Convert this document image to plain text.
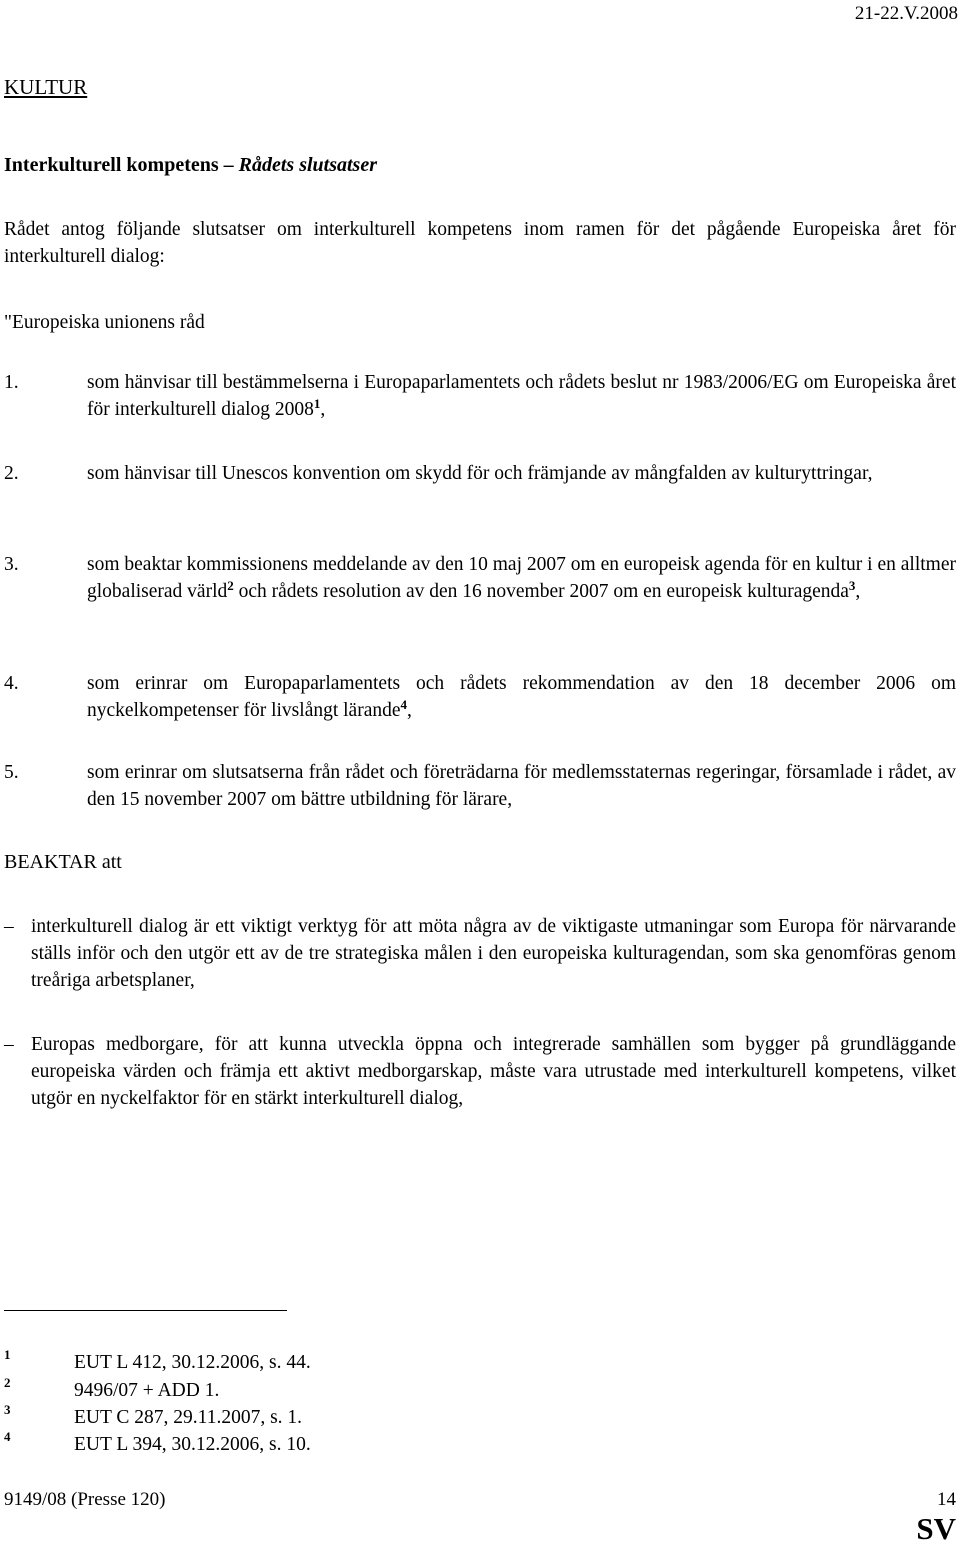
21-22.V.2008
KULTUR
Interkulturell kompetens – Rådets slutsatser
Rådet antog följande slutsatser om interkulturell kompetens inom ramen för det pågående Europeiska året för interkulturell dialog:
"Europeiska unionens råd
1.	som hänvisar till bestämmelserna i Europaparlamentets och rådets beslut nr 1983/2006/EG om Europeiska året för interkulturell dialog 2008$^1$,
2.	som hänvisar till Unescos konvention om skydd för och främjande av mångfalden av kulturyttringar,
3.	som beaktar kommissionens meddelande av den 10 maj 2007 om en europeisk agenda för en kultur i en alltmer globaliserad värld$^2$ och rådets resolution av den 16 november 2007 om en europeisk kulturagenda$^3$,
4.	som erinrar om Europaparlamentets och rådets rekommendation av den 18 december 2006 om nyckelkompetenser för livslångt lärande$^4$,
5.	som erinrar om slutsatserna från rådet och företrädarna för medlemsstaternas regeringar, församlade i rådet, av den 15 november 2007 om bättre utbildning för lärare,
BEAKTAR att
– interkulturell dialog är ett viktigt verktyg för att möta några av de viktigaste utmaningar som Europa för närvarande ställs inför och den utgör ett av de tre strategiska målen i den europeiska kulturagendan, som ska genomföras genom treåriga arbetsplaner,
– Europas medborgare, för att kunna utveckla öppna och integrerade samhällen som bygger på grundläggande europeiska värden och främja ett aktivt medborgarskap, måste vara utrustade med interkulturell kompetens, vilket utgör en nyckelfaktor för en stärkt interkulturell dialog,
1	EUT L 412, 30.12.2006, s. 44.
2	9496/07 + ADD 1.
3	EUT C 287, 29.11.2007, s. 1.
4	EUT L 394, 30.12.2006, s. 10.
9149/08 (Presse 120)	14
SV
